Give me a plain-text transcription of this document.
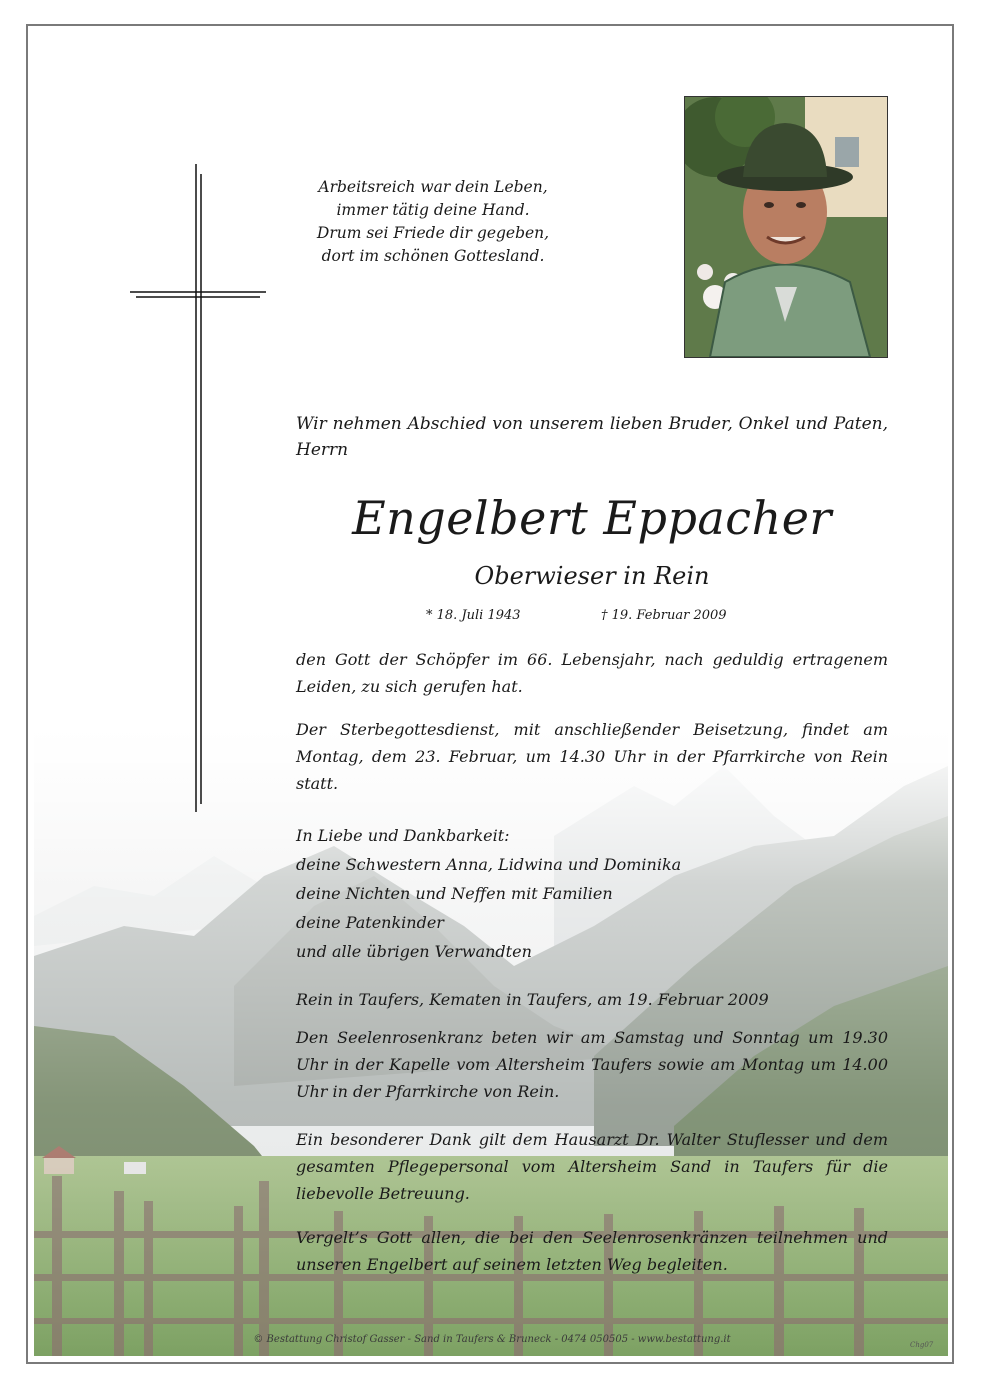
Arbeitsreich war dein Leben,
immer tätig deine Hand.
Drum sei Friede dir gegeben,
dort im schönen Gottesland.
Wir nehmen Abschied von unserem lieben Bruder, Onkel und Paten, Herrn
Engelbert Eppacher
Oberwieser in Rein
* 18. Juli 1943	† 19. Februar 2009
den Gott der Schöpfer im 66. Lebensjahr, nach geduldig ertragenem Leiden, zu sich gerufen hat.
Der Sterbegottesdienst, mit anschließender Beisetzung, findet am Montag, dem 23. Februar, um 14.30 Uhr in der Pfarrkirche von Rein statt.
In Liebe und Dankbarkeit:
deine Schwestern Anna, Lidwina und Dominika
deine Nichten und Neffen mit Familien
deine Patenkinder
und alle übrigen Verwandten
Rein in Taufers, Kematen in Taufers, am 19. Februar 2009
Den Seelenrosenkranz beten wir am Samstag und Sonntag um 19.30 Uhr in der Kapelle vom Altersheim Taufers sowie am Montag um 14.00 Uhr in der Pfarrkirche von Rein.
Ein besonderer Dank gilt dem Hausarzt Dr. Walter Stuflesser und dem gesamten Pflegepersonal vom Altersheim Sand in Taufers für die liebevolle Betreuung.
Vergelt’s Gott allen, die bei den Seelenrosenkränzen teilnehmen und unseren Engelbert auf seinem letzten Weg begleiten.
© Bestattung Christof Gasser - Sand in Taufers & Bruneck - 0474 050505 - www.bestattung.it	Chg07
